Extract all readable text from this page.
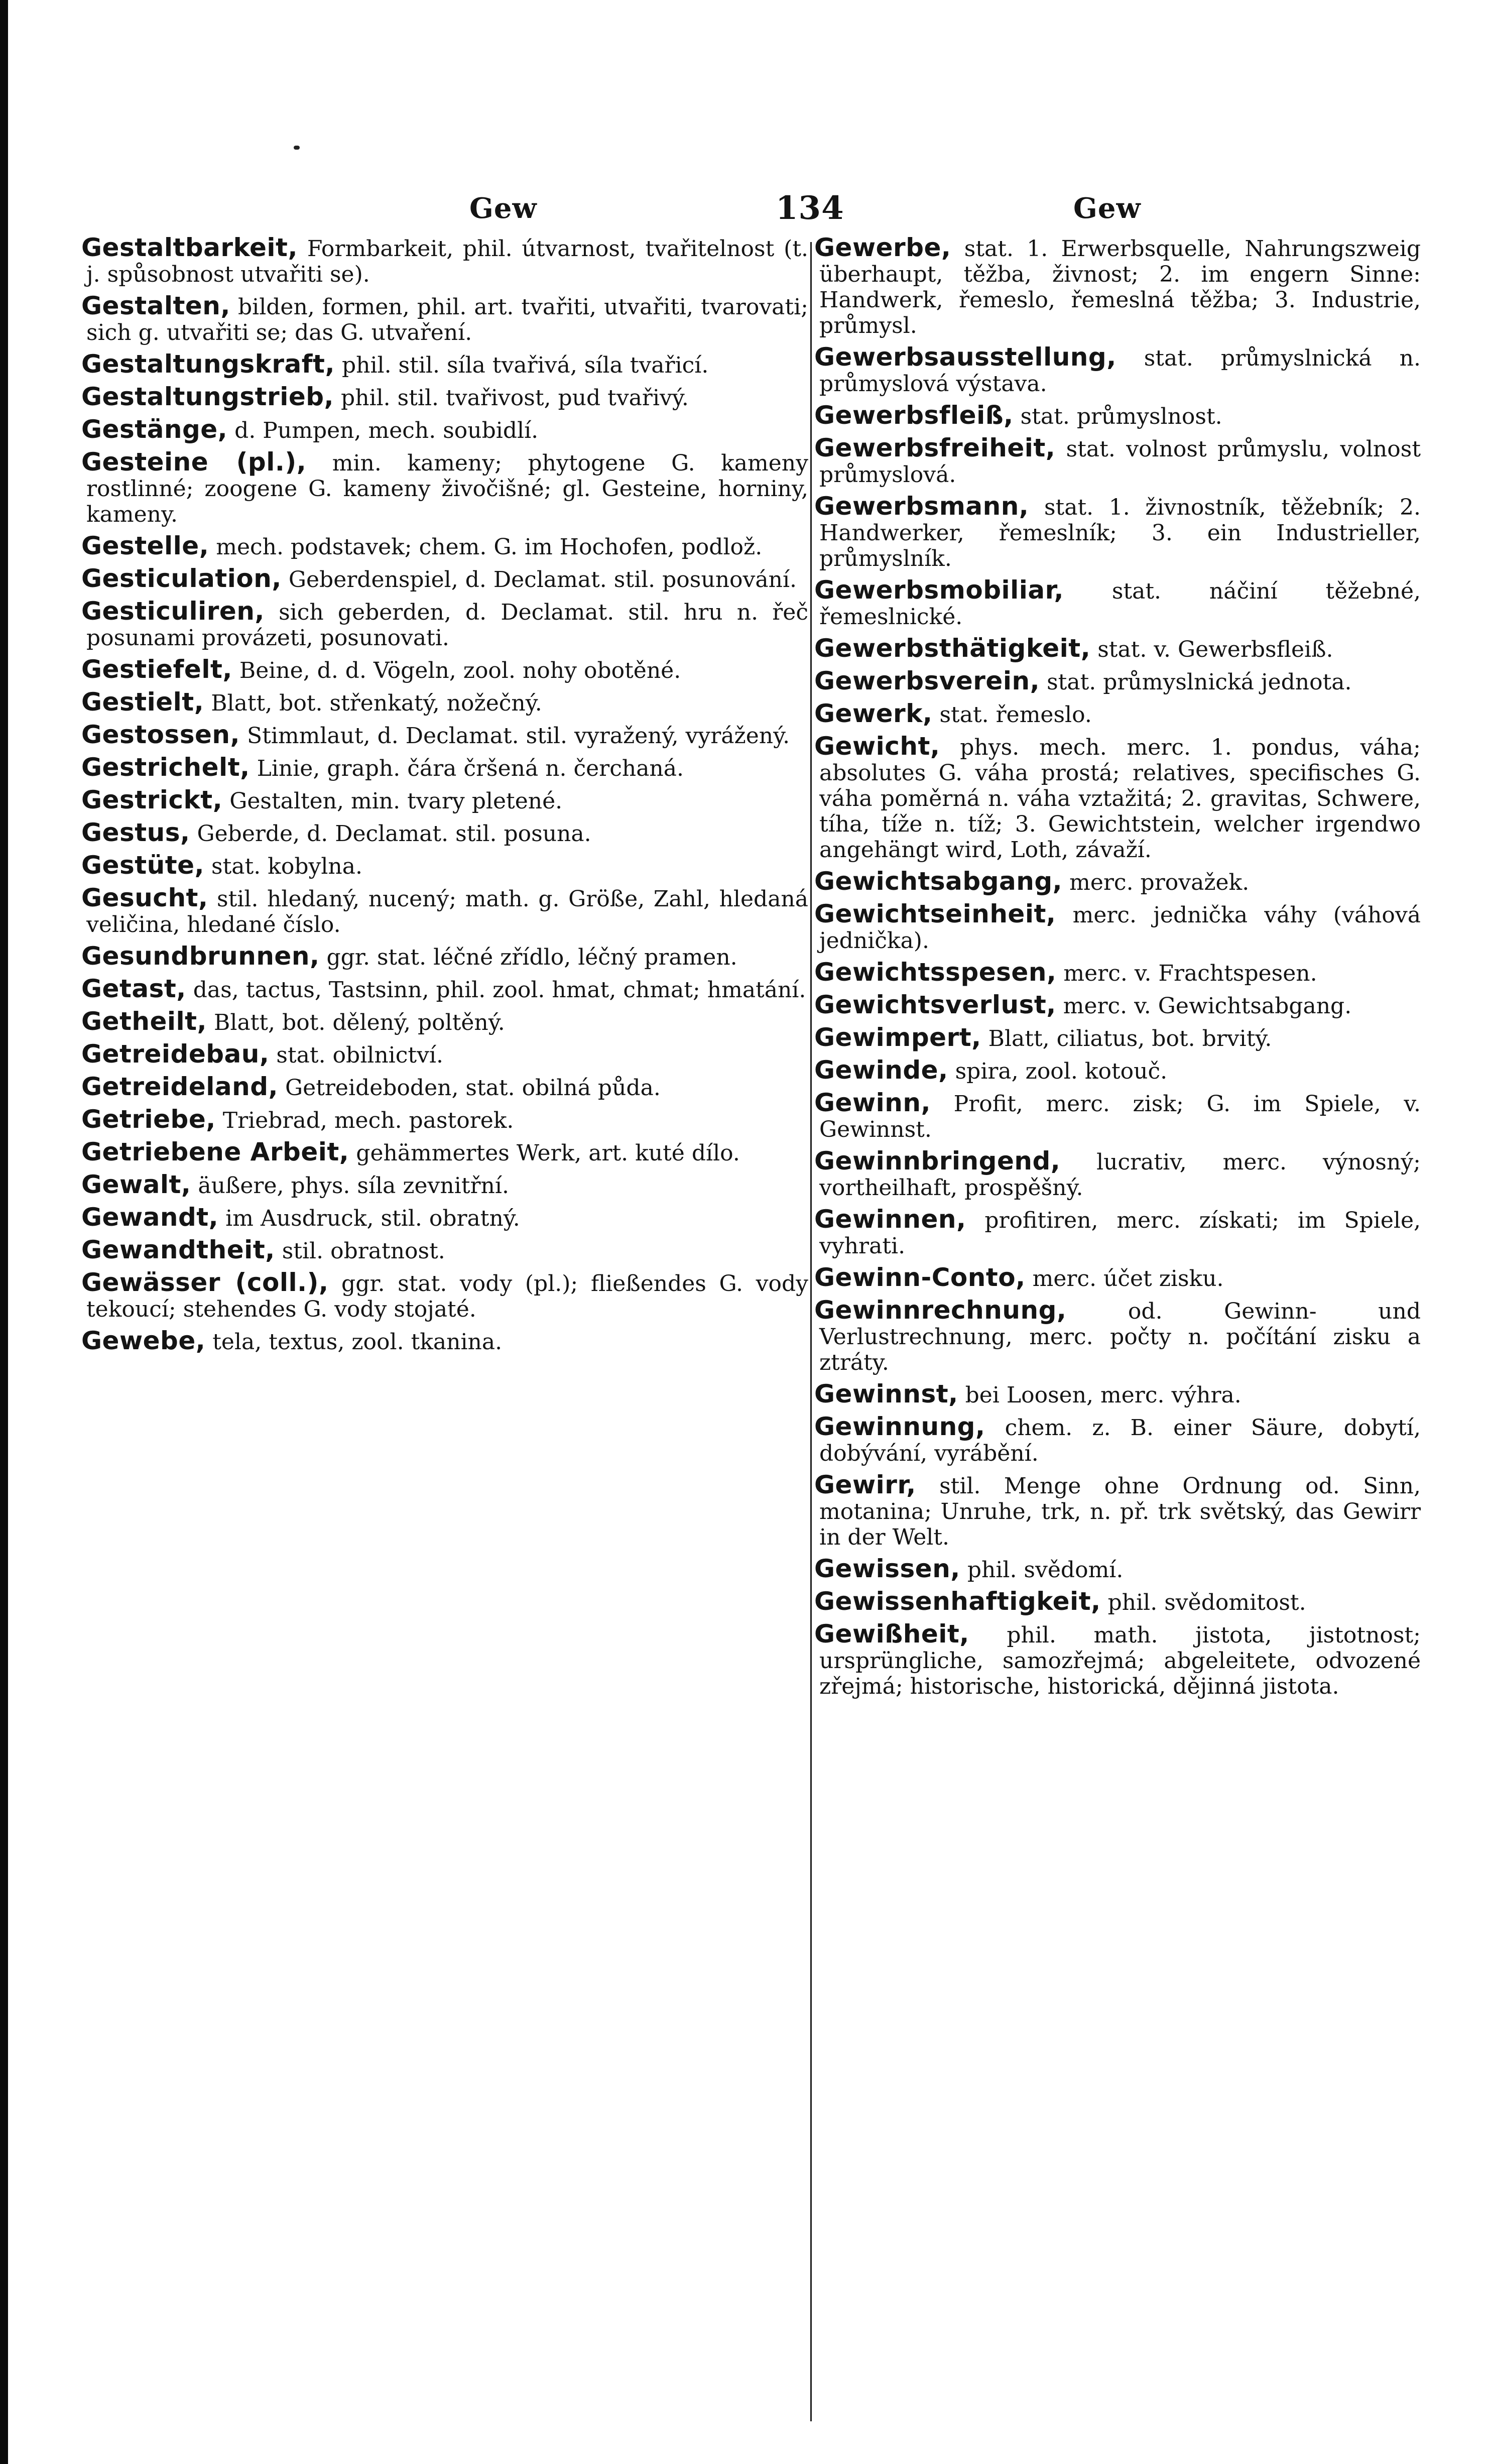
Gew	134	Gew

Gestaltbarkeit, Formbarkeit, phil. útvarnost, tvařitelnost (t. j. spůsobnost utvařiti se).

Gestalten, bilden, formen, phil. art. tvařiti, utvařiti, tvarovati; sich g. utvařiti se; das G. utvaření.

Gestaltungskraft, phil. stil. síla tvařivá, síla tvařicí.

Gestaltungstrieb, phil. stil. tvařivost, pud tvařivý.

Gestänge, d. Pumpen, mech. soubidlí.

Gesteine (pl.), min. kameny; phytogene G. kameny rostlinné; zoogene G. kameny živočišné; gl. Gesteine, horniny, kameny.

Gestelle, mech. podstavek; chem. G. im Hochofen, podlož.

Gesticulation, Geberdenspiel, d. Declamat. stil. posunování.

Gesticuliren, sich geberden, d. Declamat. stil. hru n. řeč posunami provázeti, posunovati.

Gestiefelt, Beine, d. d. Vögeln, zool. nohy obotěné.

Gestielt, Blatt, bot. střenkatý, nožečný.

Gestossen, Stimmlaut, d. Declamat. stil. vyražený, vyrážený.

Gestrichelt, Linie, graph. čára čršená n. čerchaná.

Gestrickt, Gestalten, min. tvary pletené.

Gestus, Geberde, d. Declamat. stil. posuna.

Gestüte, stat. kobylna.

Gesucht, stil. hledaný, nucený; math. g. Größe, Zahl, hledaná veličina, hledané číslo.

Gesundbrunnen, ggr. stat. léčné zřídlo, léčný pramen.

Getast, das, tactus, Tastsinn, phil. zool. hmat, chmat; hmatání.

Getheilt, Blatt, bot. dělený, poltěný.

Getreidebau, stat. obilnictví.

Getreideland, Getreideboden, stat. obilná půda.

Getriebe, Triebrad, mech. pastorek.

Getriebene Arbeit, gehämmertes Werk, art. kuté dílo.

Gewalt, äußere, phys. síla zevnitřní.

Gewandt, im Ausdruck, stil. obratný.

Gewandtheit, stil. obratnost.

Gewässer (coll.), ggr. stat. vody (pl.); fließendes G. vody tekoucí; stehendes G. vody stojaté.

Gewebe, tela, textus, zool. tkanina.

Gewerbe, stat. 1. Erwerbsquelle, Nahrungszweig überhaupt, těžba, živnost; 2. im engern Sinne: Handwerk, řemeslo, řemeslná těžba; 3. Industrie, průmysl.

Gewerbsausstellung, stat. průmyslnická n. průmyslová výstava.

Gewerbsfleiß, stat. průmyslnost.

Gewerbsfreiheit, stat. volnost průmyslu, volnost průmyslová.

Gewerbsmann, stat. 1. živnostník, těžebník; 2. Handwerker, řemeslník; 3. ein Industrieller, průmyslník.

Gewerbsmobiliar, stat. náčiní těžebné, řemeslnické.

Gewerbsthätigkeit, stat. v. Gewerbsfleiß.

Gewerbsverein, stat. průmyslnická jednota.

Gewerk, stat. řemeslo.

Gewicht, phys. mech. merc. 1. pondus, váha; absolutes G. váha prostá; relatives, specifisches G. váha poměrná n. váha vztažitá; 2. gravitas, Schwere, tíha, tíže n. tíž; 3. Gewichtstein, welcher irgendwo angehängt wird, Loth, závaží.

Gewichtsabgang, merc. provažek.

Gewichtseinheit, merc. jednička váhy (váhová jednička).

Gewichtsspesen, merc. v. Frachtspesen.

Gewichtsverlust, merc. v. Gewichtsabgang.

Gewimpert, Blatt, ciliatus, bot. brvitý.

Gewinde, spira, zool. kotouč.

Gewinn, Profit, merc. zisk; G. im Spiele, v. Gewinnst.

Gewinnbringend, lucrativ, merc. výnosný; vortheilhaft, prospěšný.

Gewinnen, profitiren, merc. získati; im Spiele, vyhrati.

Gewinn-Conto, merc. účet zisku.

Gewinnrechnung,	od. Gewinn- und Verlustrechnung, merc. počty n. počítání zisku a ztráty.

Gewinnst, bei Loosen, merc. výhra.

Gewinnung, chem. z. B. einer Säure, dobytí, dobývání, vyrábění.

Gewirr, stil. Menge ohne Ordnung od. Sinn, motanina; Unruhe, trk, n. př. trk světský, das Gewirr in der Welt.

Gewissen, phil. svědomí.

Gewissenhaftigkeit, phil. svědomitost.

Gewißheit, phil. math. jistota, jistotnost; ursprüngliche, samozřejmá; abgeleitete, odvozené zřejmá; historische, historická, dějinná jistota.
